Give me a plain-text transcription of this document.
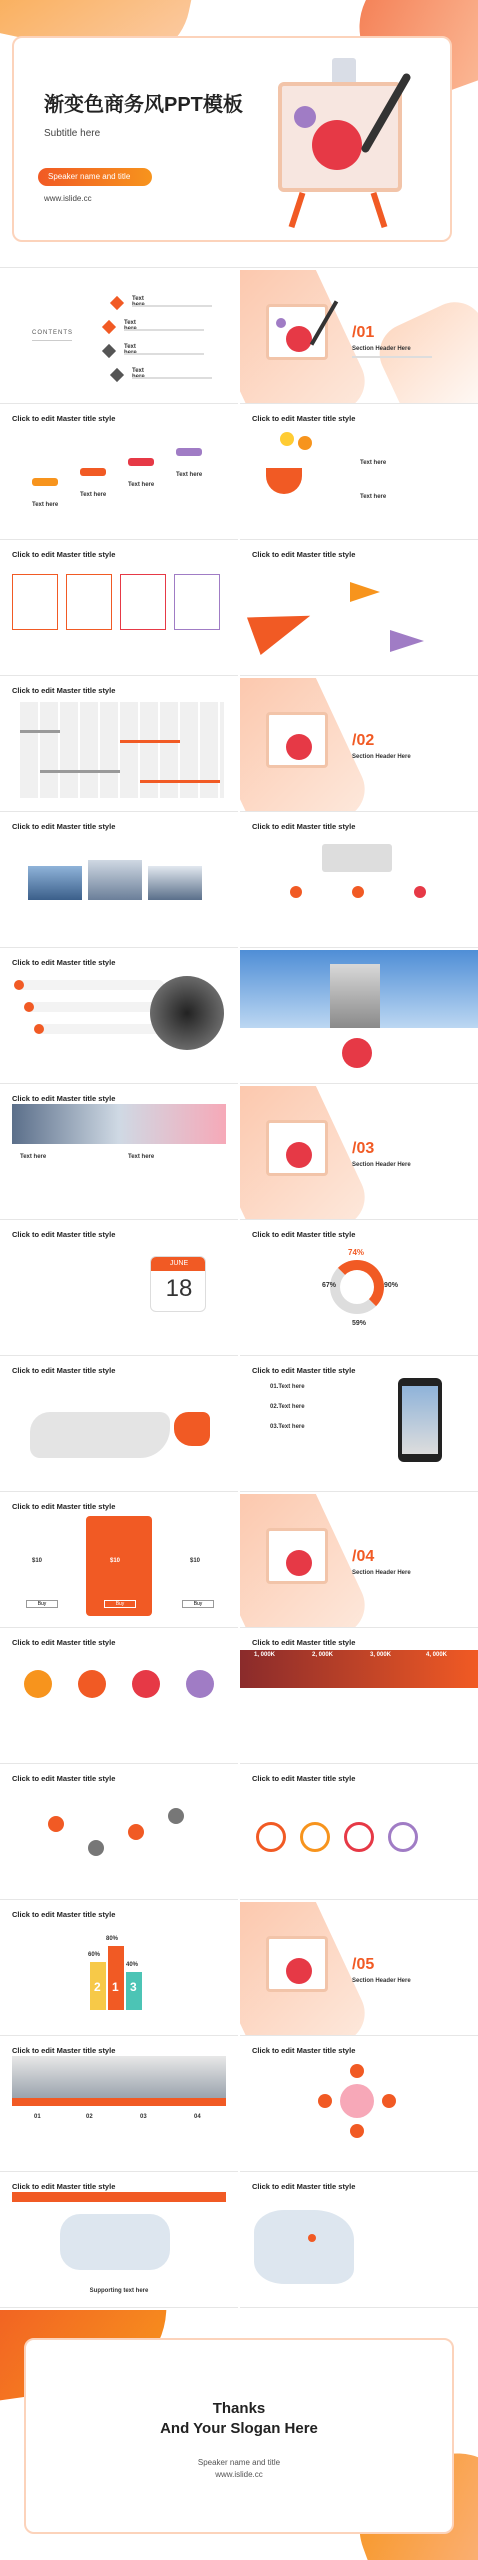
渐变色商务风PPT模板
Subtitle here
Speaker name and title
www.islide.cc
CONTENTS
Text
Text
Text
Text
/01
Section Header Here
Click to edit Master title style
Text here
Text here
Text here
Text here
Click to edit Master title style
Text here
Text here
Click to edit Master title style	Click to edit Master title style
Click to edit Master title style
/02
Section Header Here
Click to edit Master title style	Click to edit Master title style
Click to edit Master title style
Click to edit Master title style
Text here	Text here	/03
Section Header Here
Click to edit Master title style
JUNE
18
Click to edit Master title style
74%
67%	90%
59%
Click to edit Master title style	Click to edit Master title style
01.Text here
02.Text here
03.Text here
Click to edit Master title style
$10	$10	$10
Buy	Buy	Buy
/04
Section Header Here
Click to edit Master title style	Click to edit Master title style
1, 000K	2, 000K	3, 000K	4, 000K
Click to edit Master title style	Click to edit Master title style
Click to edit Master title style
60%
80%
40%
2 1 3
/05
Section Header Here
Click to edit Master title style
01	02	03	04
Click to edit Master title style
Click to edit Master title style
Supporting text here
Click to edit Master title style
Thanks
And Your Slogan Here
Speaker name and title
www.islide.cc
